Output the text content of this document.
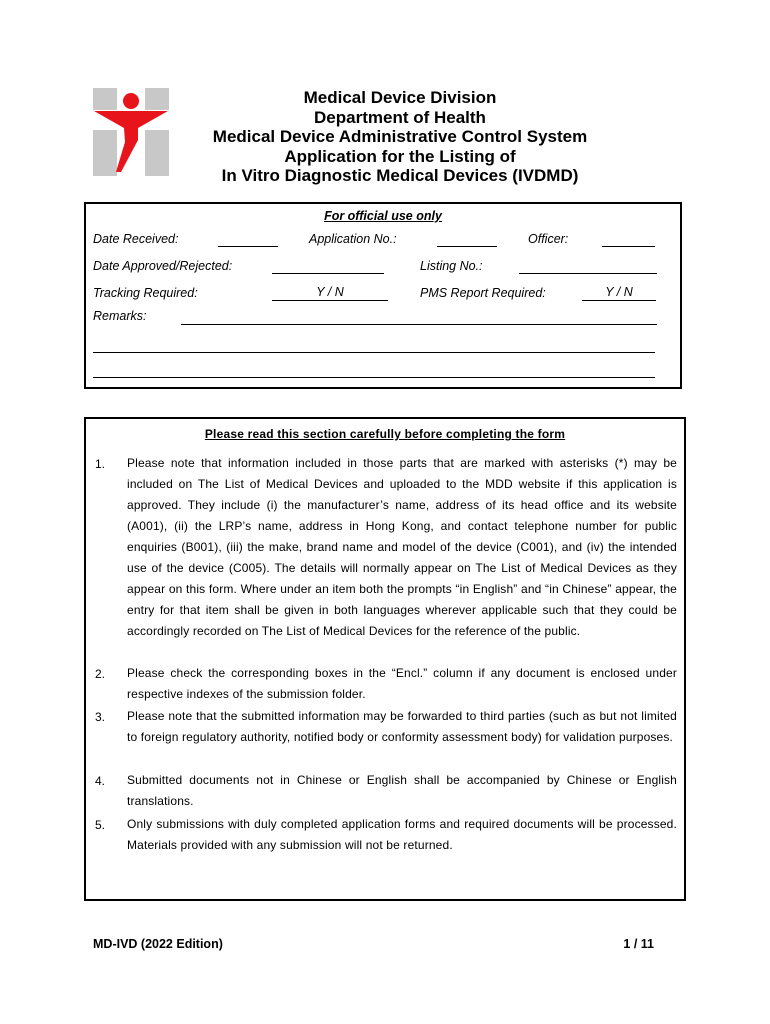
Medical Device Division
Department of Health
Medical Device Administrative Control System
Application for the Listing of
In Vitro Diagnostic Medical Devices (IVDMD)
For official use only
Date Received:	Application No.:	Officer:
Date Approved/Rejected:	Listing No.:
Tracking Required:	Y / N	PMS Report Required:	Y / N
Remarks:
Please read this section carefully before completing the form
1. Please note that information included in those parts that are marked with asterisks (*) may be included on The List of Medical Devices and uploaded to the MDD website if this application is approved. They include (i) the manufacturer’s name, address of its head office and its website (A001), (ii) the LRP’s name, address in Hong Kong, and contact telephone number for public enquiries (B001), (iii) the make, brand name and model of the device (C001), and (iv) the intended use of the device (C005). The details will normally appear on The List of Medical Devices as they appear on this form. Where under an item both the prompts “in English” and “in Chinese” appear, the entry for that item shall be given in both languages wherever applicable such that they could be accordingly recorded on The List of Medical Devices for the reference of the public.
2. Please check the corresponding boxes in the “Encl.” column if any document is enclosed under respective indexes of the submission folder.
3. Please note that the submitted information may be forwarded to third parties (such as but not limited to foreign regulatory authority, notified body or conformity assessment body) for validation purposes.
4. Submitted documents not in Chinese or English shall be accompanied by Chinese or English translations.
5. Only submissions with duly completed application forms and required documents will be processed. Materials provided with any submission will not be returned.
MD-IVD (2022 Edition)	1 / 11
